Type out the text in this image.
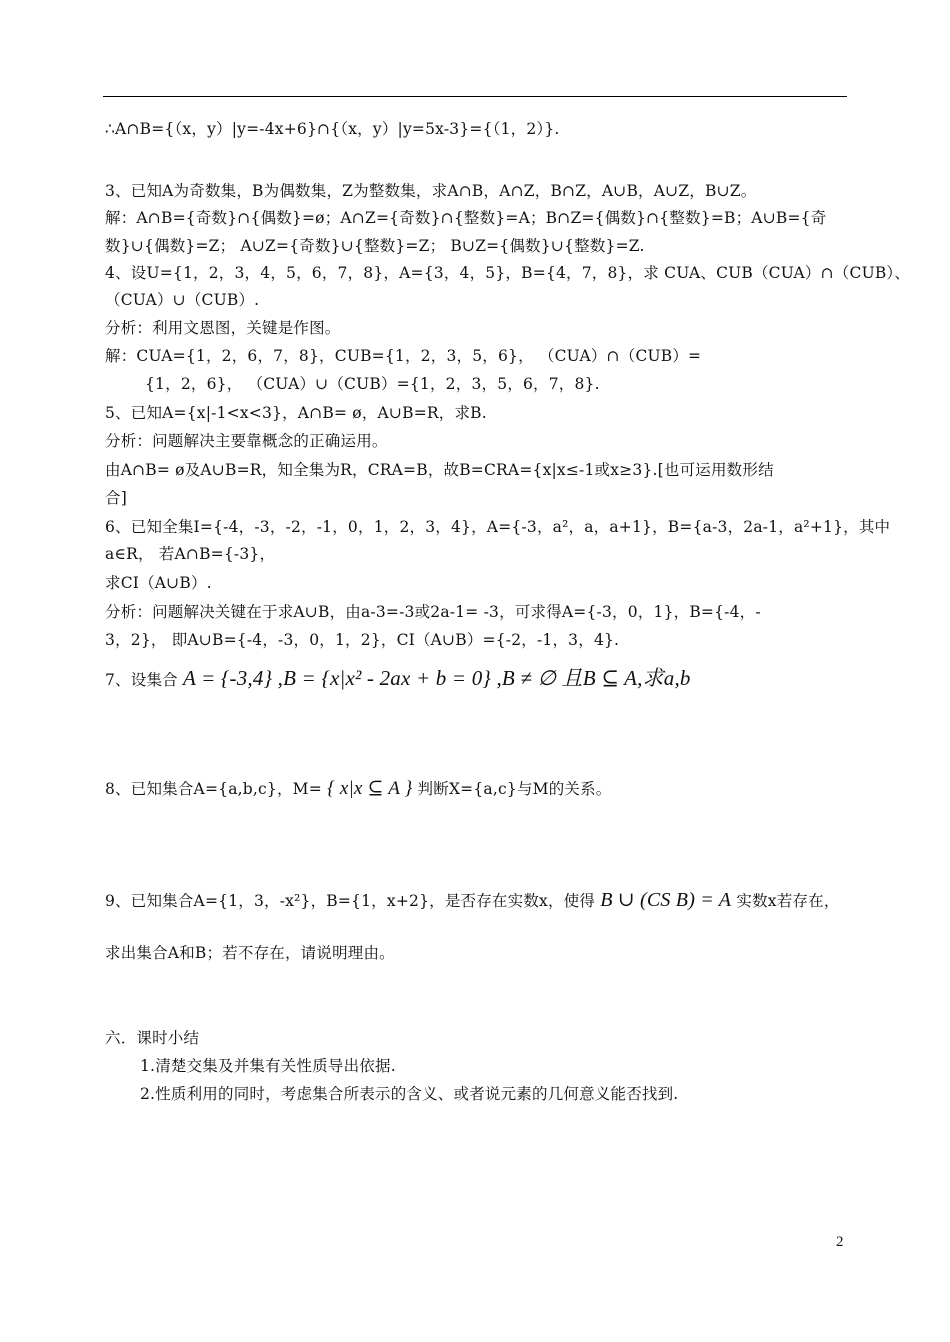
∴A∩B={（x，y）|y=-4x+6}∩{（x，y）|y=5x-3}={（1，2）}.
3、已知A为奇数集，B为偶数集，Z为整数集，求A∩B，A∩Z，B∩Z，A∪B，A∪Z，B∪Z。
解：A∩B={奇数}∩{偶数}=ø；A∩Z={奇数}∩{整数}=A；B∩Z={偶数}∩{整数}=B；A∪B={奇
数}∪{偶数}=Z； A∪Z={奇数}∪{整数}=Z； B∪Z={偶数}∪{整数}=Z.
4、设U={1，2，3，4，5，6，7，8}，A={3，4，5}，B={4，7，8}，求 CUA、CUB（CUA）∩（CUB）、
（CUA）∪（CUB）.
分析：利用文恩图，关键是作图。
解：CUA={1，2，6，7，8}，CUB={1，2，3，5，6}， （CUA）∩（CUB）=
{1，2，6}， （CUA）∪（CUB）={1，2，3，5，6，7，8}.
5、已知A={x|-1<x<3}，A∩B= ø，A∪B=R，求B.
分析：问题解决主要靠概念的正确运用。
由A∩B= ø及A∪B=R，知全集为R，CRA=B，故B=CRA={x|x≤-1或x≥3}.[也可运用数形结
合]
6、已知全集I={-4，-3，-2，-1，0，1，2，3，4}，A={-3，a²，a，a+1}，B={a-3，2a-1，a²+1}，其中
a∈R， 若A∩B={-3}，
求CI（A∪B）.
分析：问题解决关键在于求A∪B，由a-3=-3或2a-1= -3，可求得A={-3，0，1}，B={-4，-
3，2}， 即A∪B={-4，-3，0，1，2}，CI（A∪B）={-2，-1，3，4}.
7、设集合 A = {-3,4} ,B = {x|x² - 2ax + b = 0} ,B ≠ ∅ 且B ⊆ A,求a,b
8、已知集合A={a,b,c}，M= { x|x ⊆ A } 判断X={a,c}与M的关系。
9、已知集合A={1，3，-x²}，B={1，x+2}，是否存在实数x，使得 B ∪ (CS B) = A 实数x若存在，
求出集合A和B；若不存在，请说明理由。
六．课时小结
1.清楚交集及并集有关性质导出依据.
2.性质利用的同时，考虑集合所表示的含义、或者说元素的几何意义能否找到.
2
